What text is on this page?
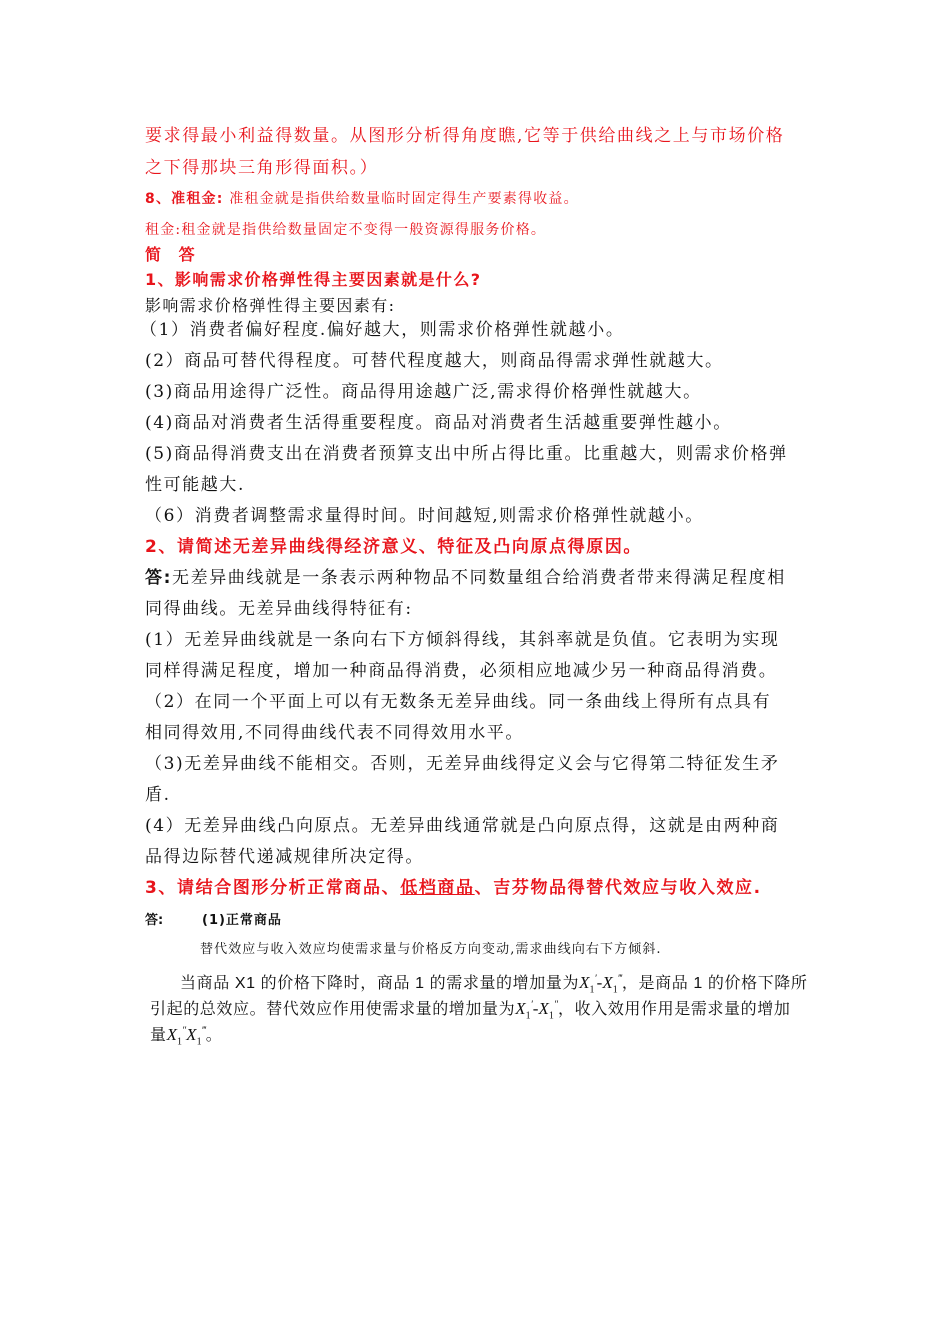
要求得最小利益得数量。从图形分析得角度瞧,它等于供给曲线之上与市场价格
之下得那块三角形得面积。）
8、准租金: 准租金就是指供给数量临时固定得生产要素得收益。
租金:租金就是指供给数量固定不变得一般资源得服务价格。
简 答
1、影响需求价格弹性得主要因素就是什么?
影响需求价格弹性得主要因素有:
（1）消费者偏好程度.偏好越大，则需求价格弹性就越小。
(2）商品可替代得程度。可替代程度越大，则商品得需求弹性就越大。
(3)商品用途得广泛性。商品得用途越广泛,需求得价格弹性就越大。
(4)商品对消费者生活得重要程度。商品对消费者生活越重要弹性越小。
(5)商品得消费支出在消费者预算支出中所占得比重。比重越大，则需求价格弹
性可能越大.
（6）消费者调整需求量得时间。时间越短,则需求价格弹性就越小。
2、请简述无差异曲线得经济意义、特征及凸向原点得原因。
答:无差异曲线就是一条表示两种物品不同数量组合给消费者带来得满足程度相
同得曲线。无差异曲线得特征有:
(1）无差异曲线就是一条向右下方倾斜得线，其斜率就是负值。它表明为实现
同样得满足程度，增加一种商品得消费，必须相应地减少另一种商品得消费。
（2）在同一个平面上可以有无数条无差异曲线。同一条曲线上得所有点具有
相同得效用,不同得曲线代表不同得效用水平。
（3)无差异曲线不能相交。否则，无差异曲线得定义会与它得第二特征发生矛
盾.
(4）无差异曲线凸向原点。无差异曲线通常就是凸向原点得，这就是由两种商
品得边际替代递减规律所决定得。
3、请结合图形分析正常商品、低档商品、吉芬物品得替代效应与收入效应.
答:	(1)正常商品
替代效应与收入效应均使需求量与价格反方向变动,需求曲线向右下方倾斜.
当商品 X1 的价格下降时，商品 1 的需求量的增加量为$X_1'-X_1^‴$，是商品 1 的价格下降所
引起的总效应。替代效应作用使需求量的增加量为$X_1'-X_1''$，收入效用作用是需求量的增加
量$X_1''X_1^‴$。
